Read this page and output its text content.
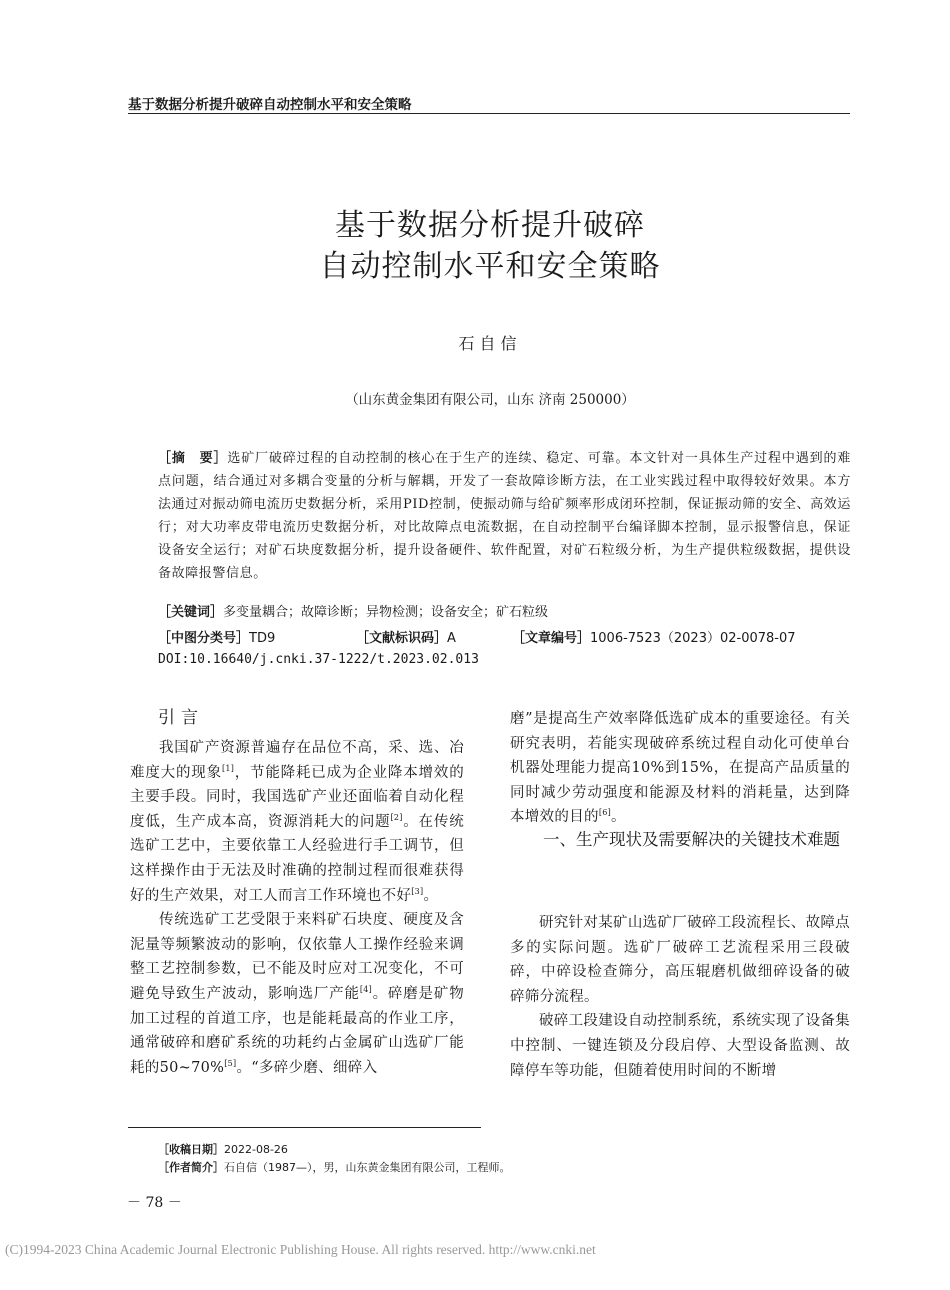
基于数据分析提升破碎自动控制水平和安全策略
基于数据分析提升破碎
自动控制水平和安全策略
石自信
（山东黄金集团有限公司，山东 济南 250000）
［摘　要］选矿厂破碎过程的自动控制的核心在于生产的连续、稳定、可靠。本文针对一具体生产过程中遇到的难点问题，结合通过对多耦合变量的分析与解耦，开发了一套故障诊断方法，在工业实践过程中取得较好效果。本方法通过对振动筛电流历史数据分析，采用PID控制，使振动筛与给矿频率形成闭环控制，保证振动筛的安全、高效运行；对大功率皮带电流历史数据分析，对比故障点电流数据，在自动控制平台编译脚本控制，显示报警信息，保证设备安全运行；对矿石块度数据分析，提升设备硬件、软件配置，对矿石粒级分析，为生产提供粒级数据，提供设备故障报警信息。
［关键词］多变量耦合；故障诊断；异物检测；设备安全；矿石粒级
［中图分类号］TD9	［文献标识码］A	［文章编号］1006-7523（2023）02-0078-07
DOI:10.16640/j.cnki.37-1222/t.2023.02.013
引言

我国矿产资源普遍存在品位不高，采、选、冶难度大的现象[1]，节能降耗已成为企业降本增效的主要手段。同时，我国选矿产业还面临着自动化程度低，生产成本高，资源消耗大的问题[2]。在传统选矿工艺中，主要依靠工人经验进行手工调节，但这样操作由于无法及时准确的控制过程而很难获得好的生产效果，对工人而言工作环境也不好[3]。

传统选矿工艺受限于来料矿石块度、硬度及含泥量等频繁波动的影响，仅依靠人工操作经验来调整工艺控制参数，已不能及时应对工况变化，不可避免导致生产波动，影响选厂产能[4]。碎磨是矿物加工过程的首道工序，也是能耗最高的作业工序，通常破碎和磨矿系统的功耗约占金属矿山选矿厂能耗的50~70%[5]。“多碎少磨、细碎入

磨”是提高生产效率降低选矿成本的重要途径。有关研究表明，若能实现破碎系统过程自动化可使单台机器处理能力提高10%到15%，在提高产品质量的同时减少劳动强度和能源及材料的消耗量，达到降本增效的目的[6]。

一、生产现状及需要解决的关键技术难题

研究针对某矿山选矿厂破碎工段流程长、故障点多的实际问题。选矿厂破碎工艺流程采用三段破碎，中碎设检查筛分，高压辊磨机做细碎设备的破碎筛分流程。

破碎工段建设自动控制系统，系统实现了设备集中控制、一键连锁及分段启停、大型设备监测、故障停车等功能，但随着使用时间的不断增

［收稿日期］2022-08-26
［作者简介］石自信（1987—），男，山东黄金集团有限公司，工程师。
－ 78 －
(C)1994-2023 China Academic Journal Electronic Publishing House. All rights reserved. http://www.cnki.net
